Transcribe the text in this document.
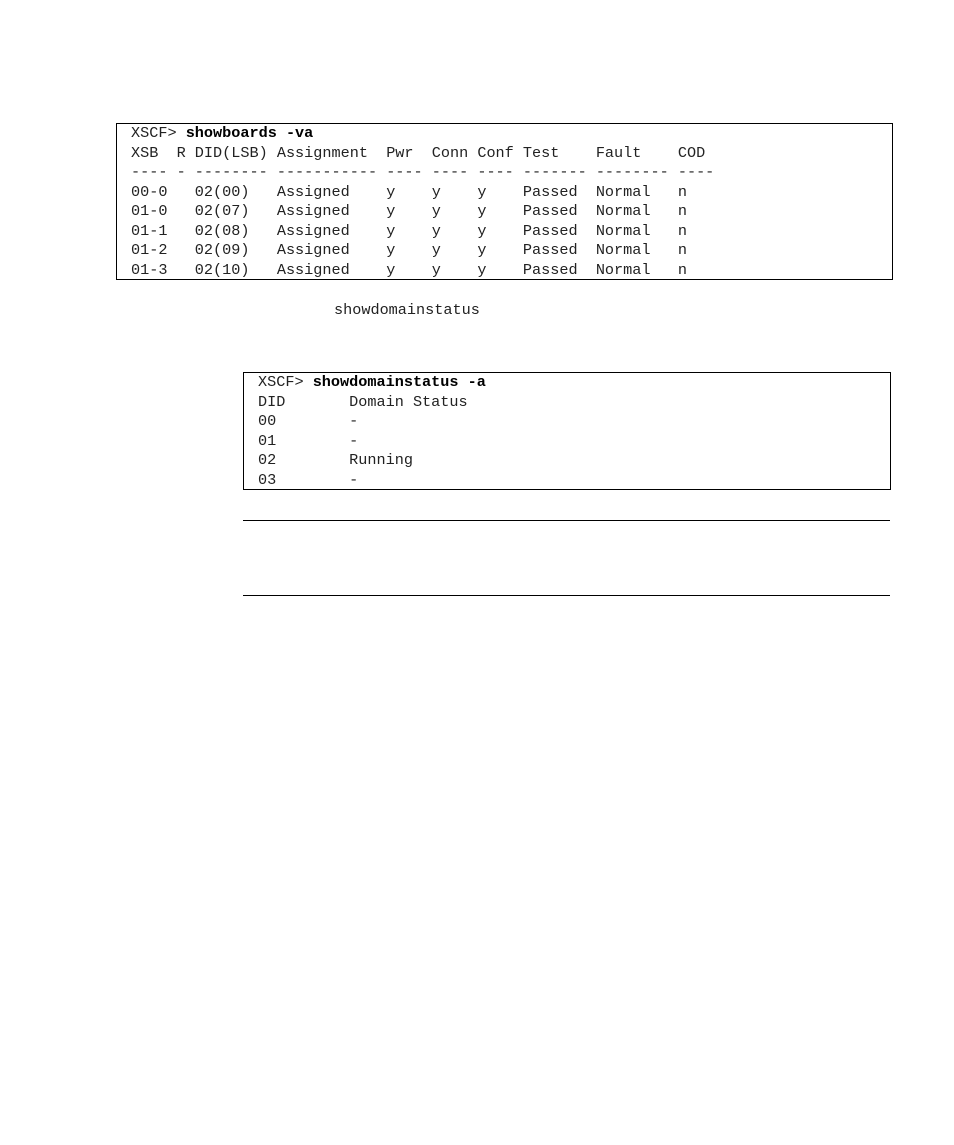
XSCF> showboards -va
XSB  R DID(LSB) Assignment  Pwr  Conn Conf Test    Fault    COD
---- - -------- ----------- ---- ---- ---- ------- -------- ----
00-0   02(00)   Assigned    y    y    y    Passed  Normal   n
01-0   02(07)   Assigned    y    y    y    Passed  Normal   n
01-1   02(08)   Assigned    y    y    y    Passed  Normal   n
01-2   02(09)   Assigned    y    y    y    Passed  Normal   n
01-3   02(10)   Assigned    y    y    y    Passed  Normal   n
showdomainstatus
XSCF> showdomainstatus -a
DID       Domain Status
00        -
01        -
02        Running
03        -
